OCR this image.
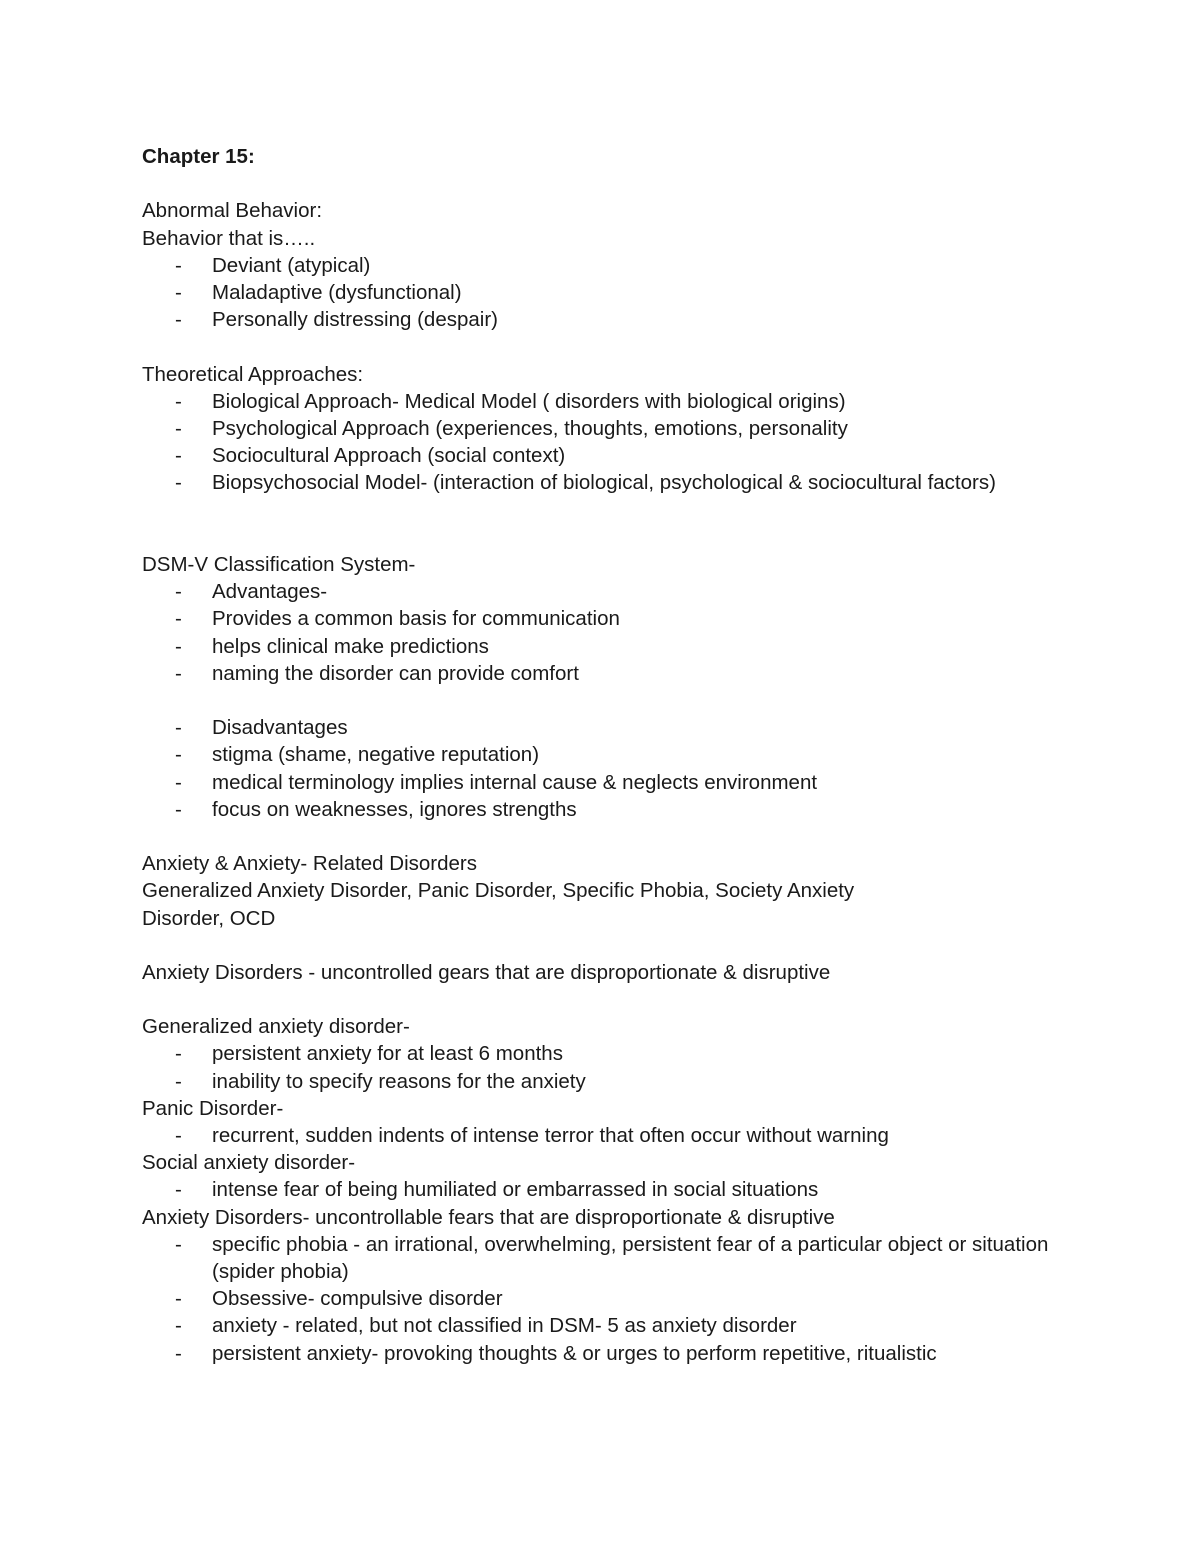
Chapter 15:
Abnormal Behavior:
Behavior that is…..
-	Deviant (atypical)
-	Maladaptive (dysfunctional)
-	Personally distressing (despair)
Theoretical Approaches:
-	Biological Approach- Medical Model ( disorders with biological origins)
-	Psychological Approach (experiences, thoughts, emotions, personality
-	Sociocultural Approach (social context)
-	Biopsychosocial Model- (interaction of biological, psychological & sociocultural factors)
DSM-V Classification System-
-	Advantages-
-	Provides a common basis for communication
-	helps clinical make predictions
-	naming the disorder can provide comfort
-	Disadvantages
-	stigma (shame, negative reputation)
-	medical terminology implies internal cause & neglects environment
-	focus on weaknesses, ignores strengths
Anxiety & Anxiety- Related Disorders
Generalized Anxiety Disorder, Panic Disorder, Specific Phobia, Society Anxiety
Disorder, OCD
Anxiety Disorders - uncontrolled gears that are disproportionate & disruptive
Generalized anxiety disorder-
-	persistent anxiety for at least 6 months
-	inability to specify reasons for the anxiety
Panic Disorder-
-	recurrent, sudden indents of intense terror that often occur without warning
Social anxiety disorder-
-	intense fear of being humiliated or embarrassed in social situations
Anxiety Disorders- uncontrollable fears that are disproportionate & disruptive
-	specific phobia - an irrational, overwhelming, persistent fear of a particular object or situation (spider phobia)
-	Obsessive- compulsive disorder
-	anxiety - related, but not classified in DSM- 5 as anxiety disorder
-	persistent anxiety- provoking thoughts & or urges to perform repetitive, ritualistic
